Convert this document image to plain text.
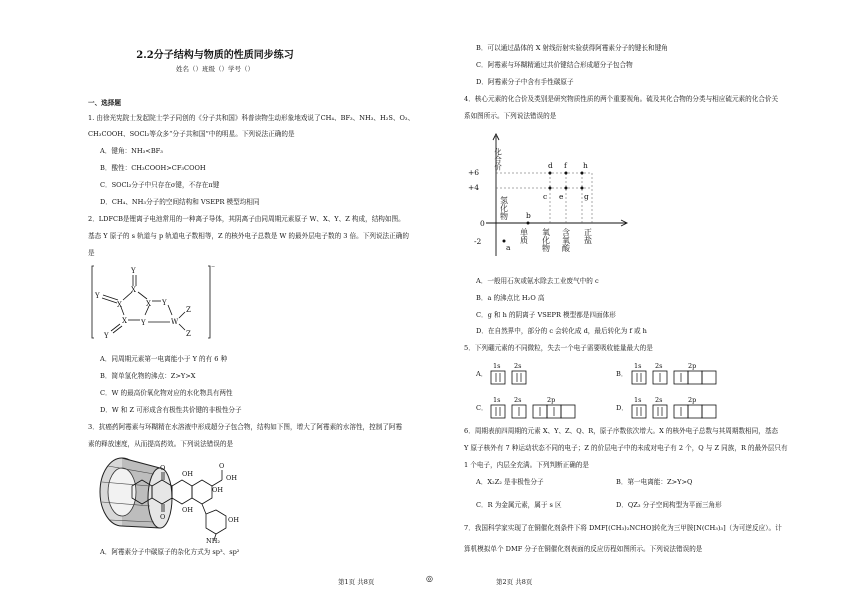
2.2分子结构与物质的性质同步练习
姓名（）班级（）学号（）
一、选择题
1. 由徐光宪院士发起院士学子同创的《分子共和国》科普读物生动形象地戏说了CH₄、BF₃、NH₃、H₂S、O₃、
CH₃COOH、SOCl₂等众多“分子共和国”中的明星。下列说法正确的是
A．键角：NH₃<BF₃
B．酸性：CH₃COOH>CF₃COOH
C．SOCl₂分子中只存在σ键，不存在π键
D．CH₄、NH₃分子的空间结构和 VSEPR 模型均相同
2．LDFCB是锂离子电池常用的一种离子导体，其阴离子由同周期元素原子 W、X、Y、Z 构成，结构如图。
基态 Y 原子的 s 轨道与 p 轨道电子数相等，Z 的核外电子总数是 W 的最外层电子数的 3 倍。下列说法正确的
是
Y
X
Y
X	X Y
X Y	W
Y
Z
Z
⁻
A．同周期元素第一电离能小于 Y 的有 6 种
B．简单氢化物的沸点：Z>Y>X
C．W 的最高价氧化物对应的水化物具有两性
D．W 和 Z 可形成含有极性共价键的非极性分子
3．抗癌药阿霉素与环糊精在水溶液中形成超分子包合物，结构如下图，增大了阿霉素的水溶性，控制了阿霉
素的释放速度，从而提高药效。下列说法错误的是
OH
O
OH
O
O
OH
OH
OH
NH₂
A．阿霉素分子中碳原子的杂化方式为 sp³、sp²
第1页 共8页	◎
B．可以通过晶体的 X 射线衍射实验获得阿霉素分子的键长和键角
C．阿霉素与环糊精通过共价键结合形成超分子包合物
D．阿霉素分子中含有手性碳原子
4．核心元素的化合价及类别是研究物质性质的两个重要视角。硫及其化合物的分类与相应硫元素的化合价关
系如图所示。下列说法错误的是
化合价
+6
+4
0
-2
a
b
c
d
e
f
g
h
氢化物
单质 氧化物 含氧酸 正盐
A．一般用石灰或氨水除去工业废气中的 c
B．a 的沸点比 H₂O 高
C．g 和 h 的阴离子 VSEPR 模型都是四面体形
D．在自然界中，部分的 c 会转化成 d，最后转化为 f 或 h
5．下列硼元素的不同微粒，失去一个电子需要吸收能量最大的是
A．
1s 2s
B．
1s 2s	2p
C．
1s 2s	2p
D．
1s 2s	2p
6．周期表前四周期的元素 X、Y、Z、Q、R，原子序数依次增大。X 的核外电子总数与其周期数相同，基态
Y 原子核外有 7 种运动状态不同的电子；Z 的价层电子中的未成对电子有 2 个，Q 与 Z 同族，R 的最外层只有
1 个电子，内层全充满。下列判断正确的是
A．X₂Z₂ 是非极性分子	B．第一电离能：Z>Y>Q
C．R 为金属元素，属于 s 区	D．QZ₃ 分子空间构型为平面三角形
7．我国科学家实现了在铜催化剂条件下将 DMF[(CH₃)₂NCHO]转化为三甲胺[N(CH₃)₃]（为可逆反应）。计
算机模拟单个 DMF 分子在铜催化剂表面的反应历程如图所示。下列说法错误的是
第2页 共8页
